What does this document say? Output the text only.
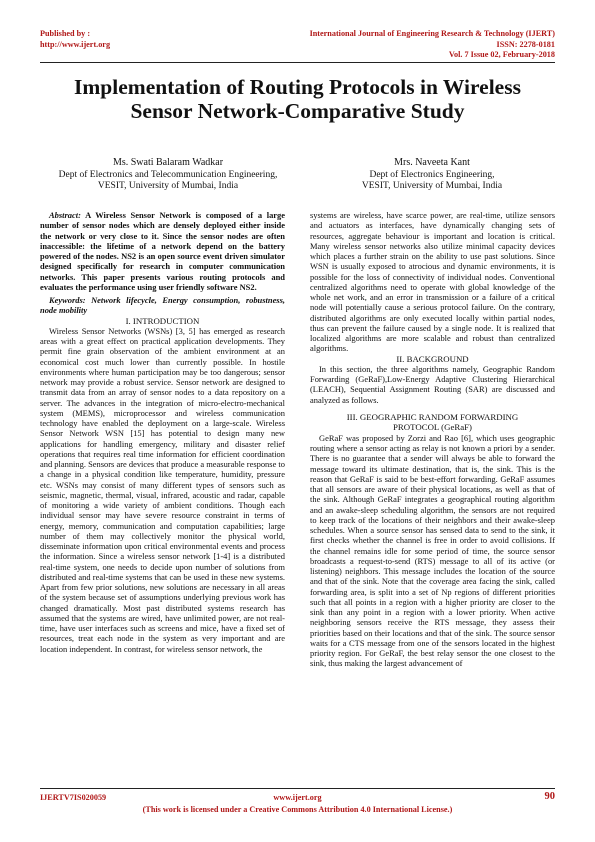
Published by :
http://www.ijert.org
International Journal of Engineering Research & Technology (IJERT)
ISSN: 2278-0181
Vol. 7 Issue 02, February-2018
Implementation of Routing Protocols in Wireless
Sensor Network-Comparative Study
Ms. Swati Balaram Wadkar
Dept of Electronics and Telecommunication Engineering,
VESIT, University of Mumbai, India
Mrs. Naveeta Kant
Dept of Electronics Engineering,
VESIT, University of Mumbai, India

Abstract: A Wireless Sensor Network is composed of a large number of sensor nodes which are densely deployed either inside the network or very close to it. Since the sensor nodes are often inaccessible: the lifetime of a network depend on the battery powered of the nodes. NS2 is an open source event driven simulator designed specifically for research in computer communication networks. This paper presents various routing protocols and evaluates the performance using user friendly software NS2.

Keywords: Network lifecycle, Energy consumption, robustness, node mobility

I. INTRODUCTION

Wireless Sensor Networks (WSNs) [3, 5] has emerged as research areas with a great effect on practical application developments. They permit fine grain observation of the ambient environment at an economical cost much lower than currently possible. In hostile environments where human participation may be too dangerous; sensor network may provide a robust service. Sensor network are designed to transmit data from an array of sensor nodes to a data repository on a server. The advances in the integration of micro-electro-mechanical system (MEMS), microprocessor and wireless communication technology have enabled the deployment on a large-scale. Wireless Sensor Network WSN [15] has potential to design many new applications for handling emergency, military and disaster relief operations that requires real time information for efficient coordination and planning. Sensors are devices that produce a measurable response to a change in a physical condition like temperature, humidity, pressure etc. WSNs may consist of many different types of sensors such as seismic, magnetic, thermal, visual, infrared, acoustic and radar, capable of monitoring a wide variety of ambient conditions. Though each individual sensor may have severe resource constraint in terms of energy, memory, communication and computation capabilities; large number of them may collectively monitor the physical world, disseminate information upon critical environmental events and process the information. Since a wireless sensor network [1-4] is a distributed real-time system, one needs to decide upon number of solutions from distributed and real-time systems that can be used in these new systems. Apart from few prior solutions, new solutions are necessary in all areas of the system because set of assumptions underlying previous work has changed dramatically. Most past distributed systems research has assumed that the systems are wired, have unlimited power, are not real-time, have user interfaces such as screens and mice, have a fixed set of resources, treat each node in the system as very important and are location independent. In contrast, for wireless sensor network, the

systems are wireless, have scarce power, are real-time, utilize sensors and actuators as interfaces, have dynamically changing sets of resources, aggregate behaviour is important and location is critical. Many wireless sensor networks also utilize minimal capacity devices which places a further strain on the ability to use past solutions. Since WSN is usually exposed to atrocious and dynamic environments, it is possible for the loss of connectivity of individual nodes. Conventional centralized algorithms need to operate with global knowledge of the whole net work, and an error in transmission or a failure of a critical node will potentially cause a serious protocol failure. On the contrary, distributed algorithms are only executed locally within partial nodes, thus can prevent the failure caused by a single node. It is realized that localized algorithms are more scalable and robust than centralized algorithms.

II. BACKGROUND

In this section, the three algorithms namely, Geographic Random Forwarding (GeRaF),Low-Energy Adaptive Clustering Hierarchical (LEACH), Sequential Assignment Routing (SAR) are discussed and analyzed as follows.

III. GEOGRAPHIC RANDOM FORWARDING
PROTOCOL (GeRaF)

GeRaF was proposed by Zorzi and Rao [6], which uses geographic routing where a sensor acting as relay is not known a priori by a sender. There is no guarantee that a sender will always be able to forward the message toward its ultimate destination, that is, the sink. This is the reason that GeRaF is said to be best-effort forwarding. GeRaF assumes that all sensors are aware of their physical locations, as well as that of the sink. Although GeRaF integrates a geographical routing algorithm and an awake-sleep scheduling algorithm, the sensors are not required to keep track of the locations of their neighbors and their awake-sleep schedules. When a source sensor has sensed data to send to the sink, it first checks whether the channel is free in order to avoid collisions. If the channel remains idle for some period of time, the source sensor broadcasts a request-to-send (RTS) message to all of its active (or listening) neighbors. This message includes the location of the source and that of the sink. Note that the coverage area facing the sink, called forwarding area, is split into a set of Np regions of different priorities such that all points in a region with a higher priority are closer to the sink than any point in a region with a lower priority. When active neighboring sensors receive the RTS message, they assess their priorities based on their locations and that of the sink. The source sensor waits for a CTS message from one of the sensors located in the highest priority region. For GeRaF, the best relay sensor the one closest to the sink, thus making the largest advancement of

IJERTV7IS020059	www.ijert.org	90
(This work is licensed under a Creative Commons Attribution 4.0 International License.)
